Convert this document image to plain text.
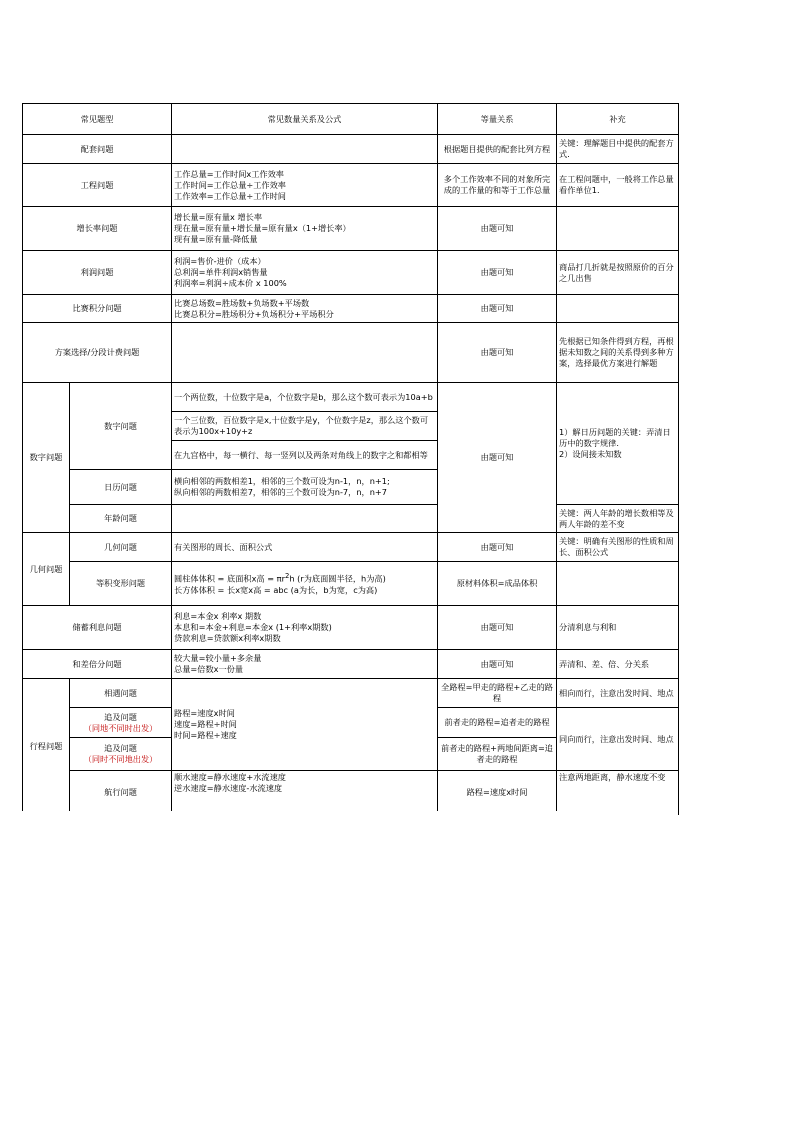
常见题型		常见数量关系及公式	等量关系	补充
配套问题			根据题目提供的配套比列方程	关键：理解题目中提供的配套方式.
工程问题		工作总量=工作时间x工作效率
工作时间=工作总量÷工作效率
工作效率=工作总量÷工作时间	多个工作效率不同的对象所完成的工作量的和等于工作总量	在工程问题中，一般将工作总量看作单位1.
增长率问题		增长量=原有量x 增长率
现在量=原有量+增长量=原有量x（1+增长率）
现有量=原有量-降低量	由题可知	
利润问题		利润=售价-进价（成本）
总利润=单件利润x销售量
利润率=利润÷成本价 x 100%	由题可知	商品打几折就是按照原价的百分之几出售
比赛积分问题		比赛总场数=胜场数+负场数+平场数
比赛总积分=胜场积分+负场积分+平场积分	由题可知	
方案选择/分段计费问题			由题可知	先根据已知条件得到方程，再根据未知数之间的关系得到多种方案，选择最优方案进行解题
数字问题	数字问题	一个两位数，十位数字是a，个位数字是b，那么这个数可表示为10a+b	由题可知	1）解日历问题的关键：弄清日历中的数字规律.
2）设间接未知数

		一个三位数，百位数字是x,十位数字是y，个位数字是z，那么这个数可表示为100x+10y+z		
		在九宫格中，每一横行、每一竖列以及两条对角线上的数字之和都相等		
	日历问题	横向相邻的两数相差1，相邻的三个数可设为n-1，n，n+1;
纵向相邻的两数相差7，相邻的三个数可设为n-7，n，n+7		

	年龄问题			关键：两人年龄的增长数相等及两人年龄的差不变
几何问题	几何问题	有关图形的周长、面积公式	由题可知	关键：明确有关图形的性质和周长、面积公式
	等积变形问题	圆柱体体积 = 底面积x高 = $\pi r^2h$ (r为底面圆半径，h为高)
长方体体积 = 长x宽x高 = abc (a为长，b为宽，c为高)	原材料体积=成品体积	
储蓄利息问题		利息=本金x 利率x 期数
本息和=本金+利息=本金x (1+利率x期数)
贷款利息=贷款额x利率x期数	由题可知	分清利息与利和
和差倍分问题		较大量=较小量+多余量
总量=倍数x一份量	由题可知	弄清和、差、倍、分关系
行程问题	相遇问题	路程=速度x时间
速度=路程÷时间
时间=路程÷速度	全路程=甲走的路程+乙走的路程	相向而行，注意出发时间、地点

	追及问题
（同地不同时出发）		前者走的路程=追者走的路程	同向而行，注意出发时间、地点

	追及问题
（同时不同地出发）		前者走的路程+两地间距离=追者走的路程	
	航行问题	顺水速度=静水速度+水流速度
逆水速度=静水速度-水流速度	路程=速度x时间	注意两地距离，静水速度不变
